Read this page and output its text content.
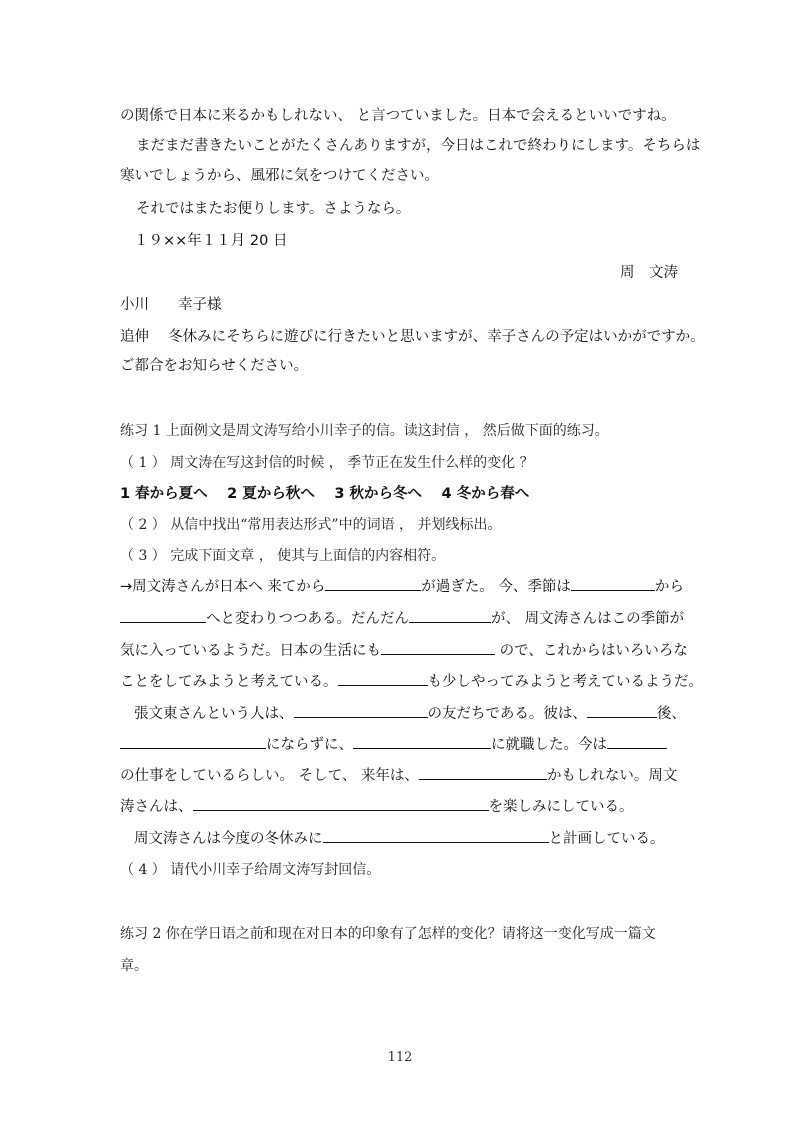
の関係で日本に来るかもしれない、 と言つていました。日本で会えるといいですね。
まだまだ書きたいことがたくさんありますが，今日はこれで終わりにします。そちらは
寒いでしょうから、風邪に気をつけてください。
それではまたお便りします。さようなら。
１９××年１１月 20 日
周　文涛
小川　　幸子様
追伸　 冬休みにそちらに遊びに行きたいと思いますが、幸子さんの予定はいかがですか。
ご都合をお知らせください。
练习 1 上面例文是周文涛写给小川幸子的信。读这封信 ， 然后做下面的练习。
（ 1 ） 周文涛在写这封信的时候 ， 季节正在发生什么样的变化 ？
1 春から夏へ　 2 夏から秋へ　 3 秋から冬へ　 4 冬から春へ
（ 2 ） 从信中找出“常用表达形式”中的词语 ， 并划线标出。
（ 3 ） 完成下面文章 ， 使其与上面信的内容相符。
→周文涛さんが日本へ 来てから	が過ぎた。 今、季節は	から
へと変わりつつある。だんだん	が、 周文涛さんはこの季節が
気に入っているようだ。日本の生活にも	ので、これからはいろいろな
ことをしてみようと考えている。	も少しやってみようと考えているようだ。
張文東さんという人は、	の友だちである。彼は、	後、
にならずに、	に就職した。今は
の仕事をしているらしい。 そして、 来年は、	かもしれない。周文
涛さんは、	を楽しみにしている。
周文涛さんは今度の冬休みに	と計画している。
（ 4 ） 请代小川幸子给周文涛写封回信。
练习 2 你在学日语之前和现在对日本的印象有了怎样的变化？请将这一变化写成一篇文
章。
112
